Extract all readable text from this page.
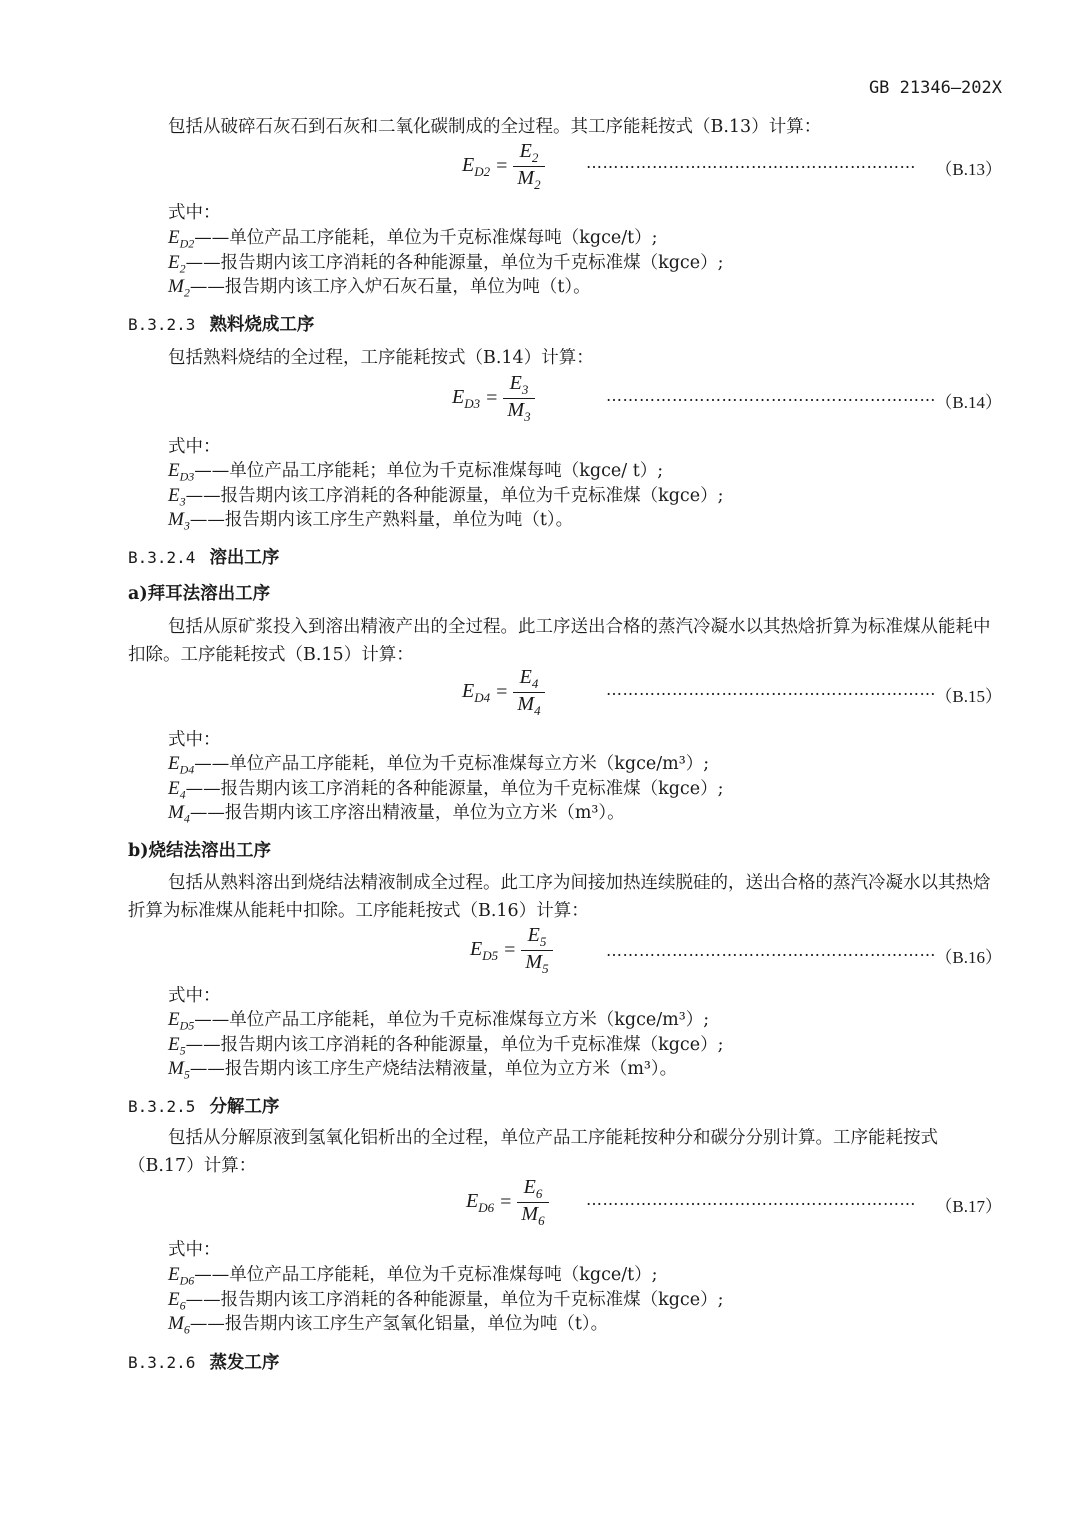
GB 21346—202X
包括从破碎石灰石到石灰和二氧化碳制成的全过程。其工序能耗按式（B.13）计算：
$E_{D2} = \frac{E_2}{M_2}$	…………………………………………………… （B.13）
式中：
$E_{D2}——$单位产品工序能耗，单位为千克标准煤每吨（kgce/t）;
$E_2——$报告期内该工序消耗的各种能源量，单位为千克标准煤（kgce）;
$M_2——$报告期内该工序入炉石灰石量，单位为吨（t）。
B.3.2.3 熟料烧成工序
包括熟料烧结的全过程，工序能耗按式（B.14）计算：
$E_{D3} = \frac{E_3}{M_3}$	…………………………………………………… （B.14）
式中：
$E_{D3}——$单位产品工序能耗；单位为千克标准煤每吨（kgce/ t）;
$E_3——$报告期内该工序消耗的各种能源量，单位为千克标准煤（kgce）;
$M_3——$报告期内该工序生产熟料量，单位为吨（t）。
B.3.2.4 溶出工序
a)拜耳法溶出工序
包括从原矿浆投入到溶出精液产出的全过程。此工序送出合格的蒸汽冷凝水以其热焓折算为标准煤从能耗中扣除。工序能耗按式（B.15）计算：
$E_{D4} = \frac{E_4}{M_4}$	…………………………………………………… （B.15）
式中：
$E_{D4}——$单位产品工序能耗，单位为千克标准煤每立方米（kgce/m³）;
$E_4——$报告期内该工序消耗的各种能源量，单位为千克标准煤（kgce）;
$M_4——$报告期内该工序溶出精液量，单位为立方米（m³）。
b)烧结法溶出工序
包括从熟料溶出到烧结法精液制成全过程。此工序为间接加热连续脱硅的，送出合格的蒸汽冷凝水以其热焓折算为标准煤从能耗中扣除。工序能耗按式（B.16）计算：
$E_{D5} = \frac{E_5}{M_5}$	…………………………………………………… （B.16）
式中：
$E_{D5}——$单位产品工序能耗，单位为千克标准煤每立方米（kgce/m³）;
$E_5——$报告期内该工序消耗的各种能源量，单位为千克标准煤（kgce）;
$M_5——$报告期内该工序生产烧结法精液量，单位为立方米（m³）。
B.3.2.5 分解工序
包括从分解原液到氢氧化铝析出的全过程，单位产品工序能耗按种分和碳分分别计算。工序能耗按式（B.17）计算：
$E_{D6} = \frac{E_6}{M_6}$ …………………………………………………… （B.17）
式中：
$E_{D6}——$单位产品工序能耗，单位为千克标准煤每吨（kgce/t）;
$E_6——$报告期内该工序消耗的各种能源量，单位为千克标准煤（kgce）;
$M_6——$报告期内该工序生产氢氧化铝量，单位为吨（t）。
B.3.2.6 蒸发工序
